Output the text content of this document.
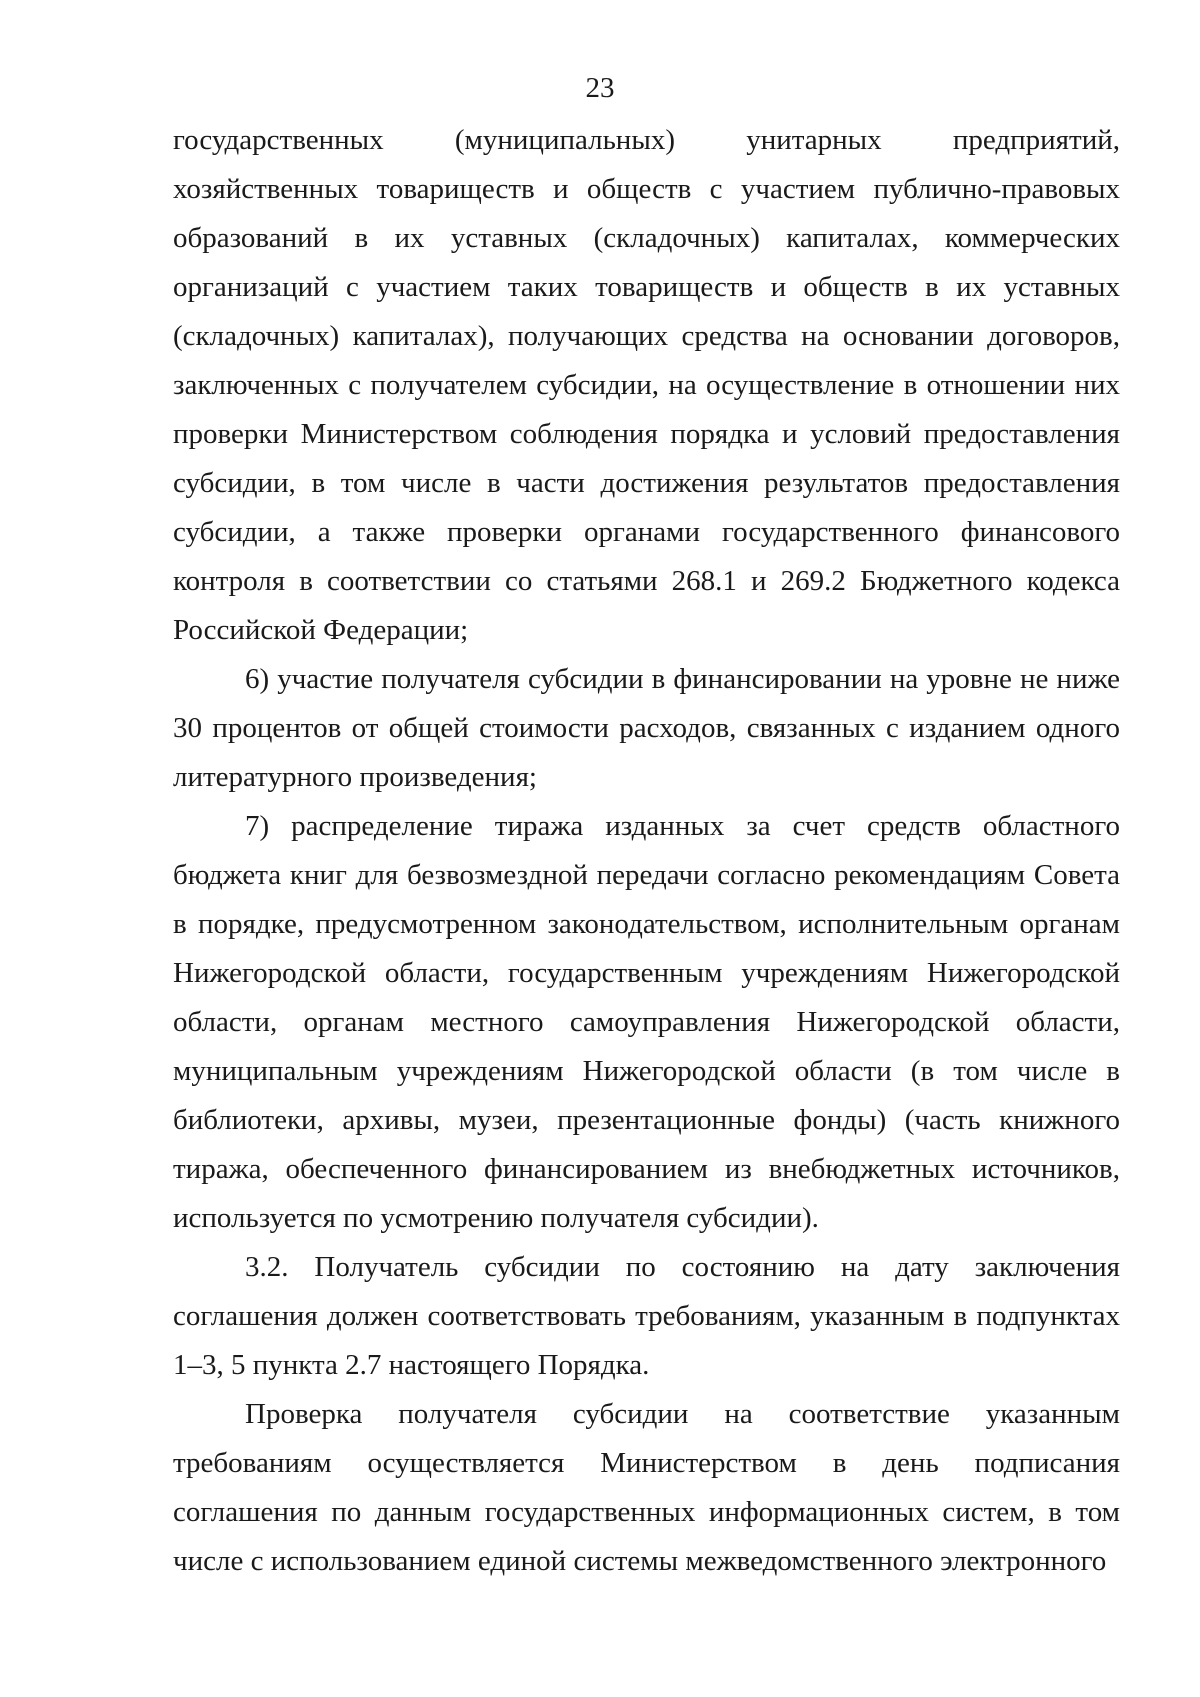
23

государственных (муниципальных) унитарных предприятий, хозяйственных товариществ и обществ с участием публично-правовых образований в их уставных (складочных) капиталах, коммерческих организаций с участием таких товариществ и обществ в их уставных (складочных) капиталах), получающих средства на основании договоров, заключенных с получателем субсидии, на осуществление в отношении них проверки Министерством соблюдения порядка и условий предоставления субсидии, в том числе в части достижения результатов предоставления субсидии, а также проверки органами государственного финансового контроля в соответствии со статьями 268.1 и 269.2 Бюджетного кодекса Российской Федерации;

6) участие получателя субсидии в финансировании на уровне не ниже 30 процентов от общей стоимости расходов, связанных с изданием одного литературного произведения;

7) распределение тиража изданных за счет средств областного бюджета книг для безвозмездной передачи согласно рекомендациям Совета в порядке, предусмотренном законодательством, исполнительным органам Нижегородской области, государственным учреждениям Нижегородской области, органам местного самоуправления Нижегородской области, муниципальным учреждениям Нижегородской области (в том числе в библиотеки, архивы, музеи, презентационные фонды) (часть книжного тиража, обеспеченного финансированием из внебюджетных источников, используется по усмотрению получателя субсидии).

3.2. Получатель субсидии по состоянию на дату заключения соглашения должен соответствовать требованиям, указанным в подпунктах 1–3, 5 пункта 2.7 настоящего Порядка.

Проверка получателя субсидии на соответствие указанным требованиям осуществляется Министерством в день подписания соглашения по данным государственных информационных систем, в том числе с использованием единой системы межведомственного электронного
